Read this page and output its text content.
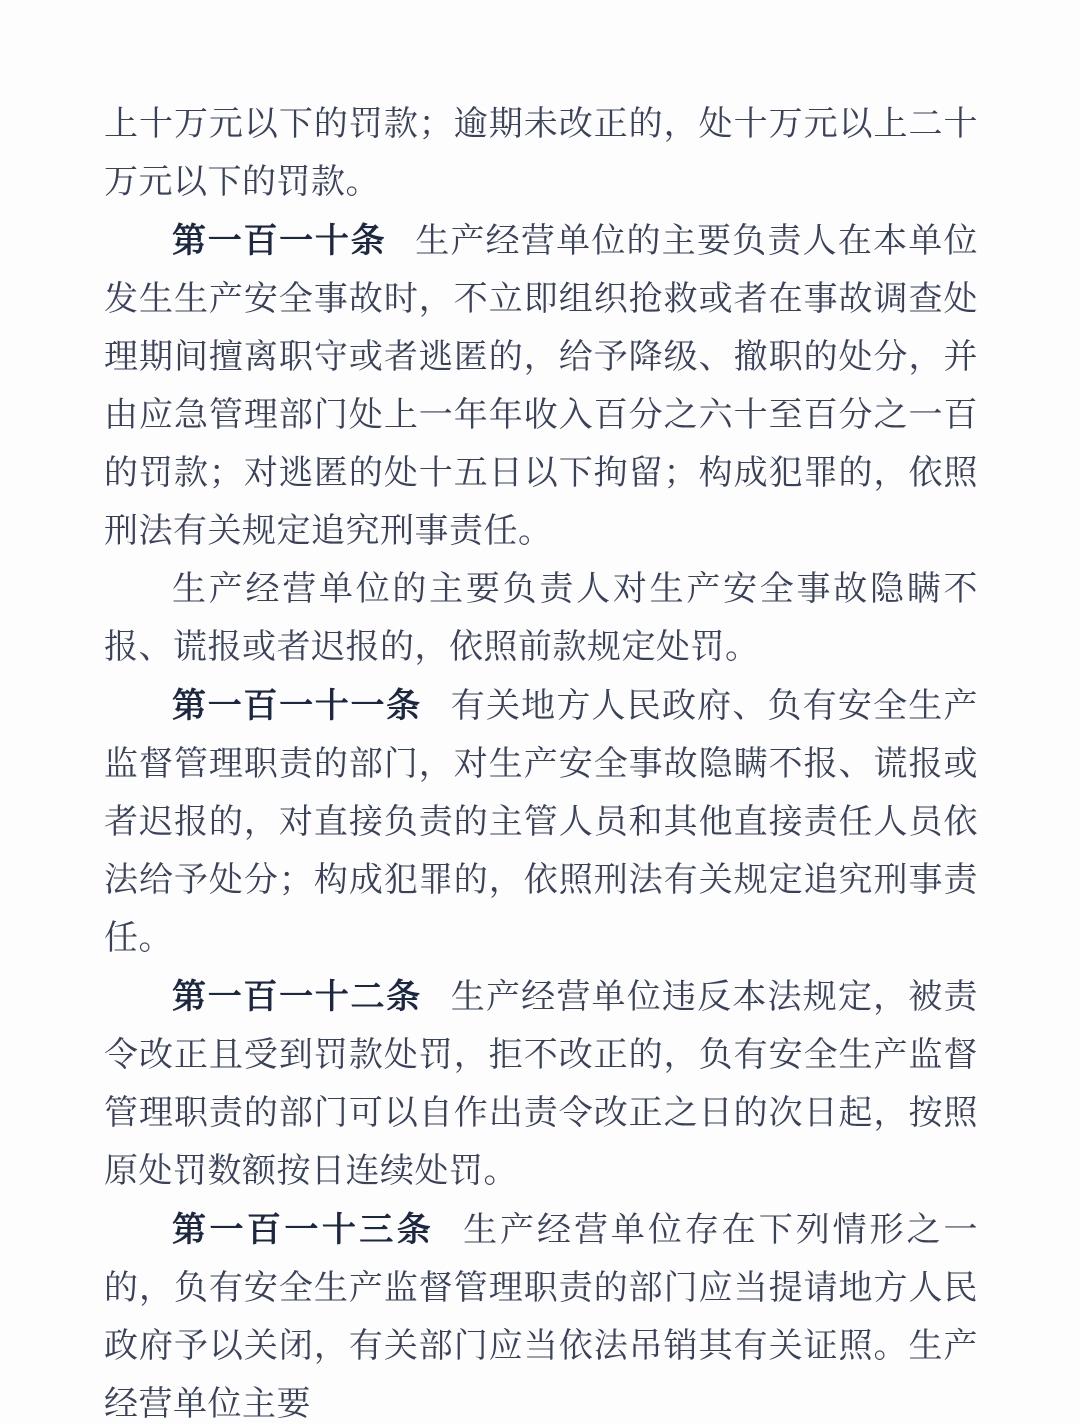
上十万元以下的罚款；逾期未改正的，处十万元以上二十万元以下的罚款。

第一百一十条 生产经营单位的主要负责人在本单位发生生产安全事故时，不立即组织抢救或者在事故调查处理期间擅离职守或者逃匿的，给予降级、撤职的处分，并由应急管理部门处上一年年收入百分之六十至百分之一百的罚款；对逃匿的处十五日以下拘留；构成犯罪的，依照刑法有关规定追究刑事责任。

生产经营单位的主要负责人对生产安全事故隐瞒不报、谎报或者迟报的，依照前款规定处罚。

第一百一十一条 有关地方人民政府、负有安全生产监督管理职责的部门，对生产安全事故隐瞒不报、谎报或者迟报的，对直接负责的主管人员和其他直接责任人员依法给予处分；构成犯罪的，依照刑法有关规定追究刑事责任。

第一百一十二条 生产经营单位违反本法规定，被责令改正且受到罚款处罚，拒不改正的，负有安全生产监督管理职责的部门可以自作出责令改正之日的次日起，按照原处罚数额按日连续处罚。

第一百一十三条 生产经营单位存在下列情形之一的，负有安全生产监督管理职责的部门应当提请地方人民政府予以关闭，有关部门应当依法吊销其有关证照。生产经营单位主要
